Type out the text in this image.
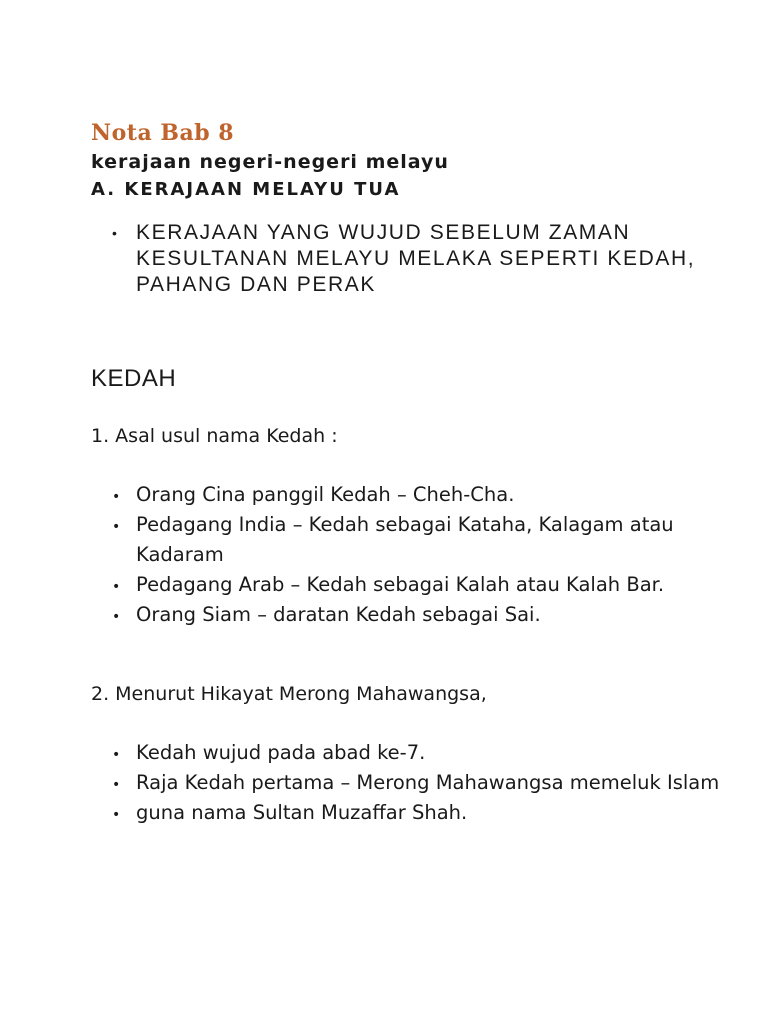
Nota Bab 8
kerajaan negeri-negeri melayu
A. KERAJAAN MELAYU TUA
• KERAJAAN YANG WUJUD SEBELUM ZAMAN KESULTANAN MELAYU MELAKA SEPERTI KEDAH, PAHANG DAN PERAK
KEDAH

1. Asal usul nama Kedah :

• Orang Cina panggil Kedah – Cheh-Cha.
• Pedagang India – Kedah sebagai Kataha, Kalagam atau Kadaram
• Pedagang Arab – Kedah sebagai Kalah atau Kalah Bar.
• Orang Siam – daratan Kedah sebagai Sai.

2. Menurut Hikayat Merong Mahawangsa,

• Kedah wujud pada abad ke-7.
• Raja Kedah pertama – Merong Mahawangsa memeluk Islam
• guna nama Sultan Muzaffar Shah.
